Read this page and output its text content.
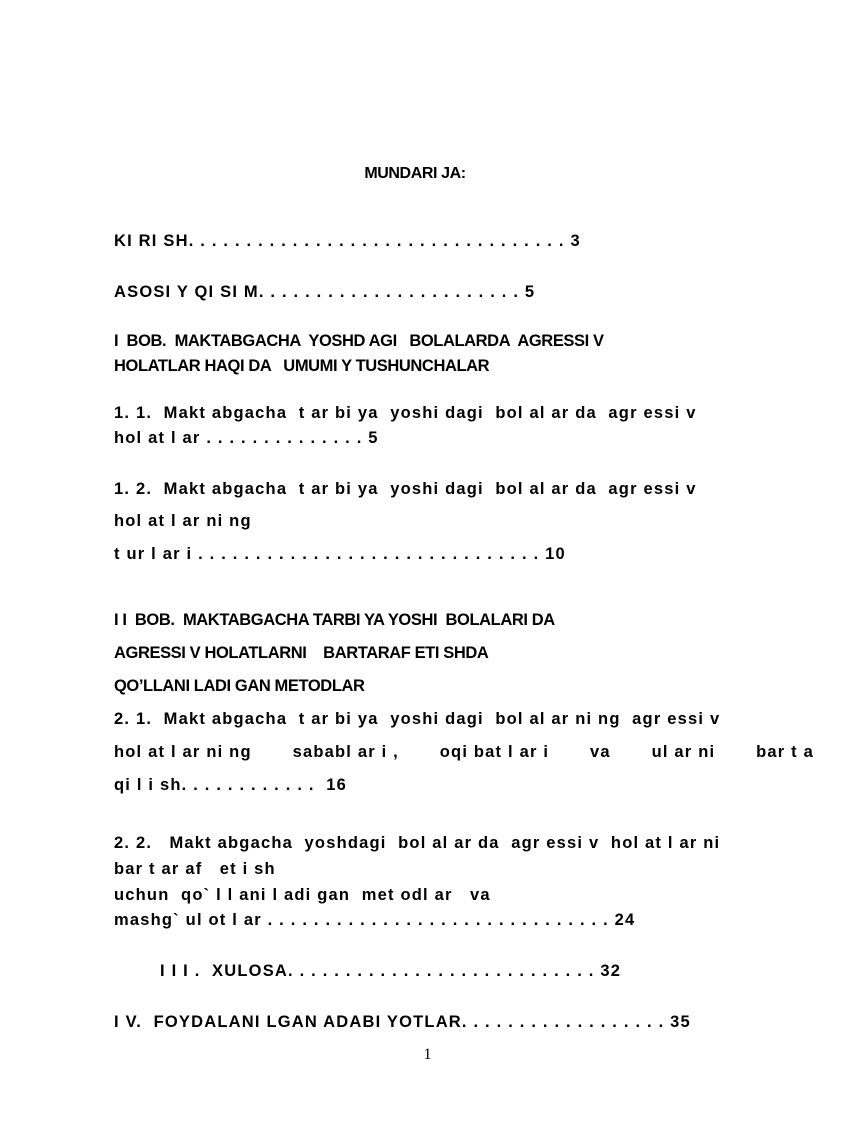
MUNDARI JA:
KI RI SH. . . . . . . . . . . . . . . . . . . . . . . . . . . . . . . . . 3
ASOSI Y QI SI M. . . . . . . . . . . . . . . . . . . . . . . 5
I  BOB.  MAKTABGACHA  YOSHD AGI   BOLALARDA  AGRESSI V
HOLATLAR HAQI DA   UMUMI Y TUSHUNCHALAR
1. 1.  Makt abgacha  t ar bi ya  yoshi dagi  bol al ar da  agr essi v
hol at l ar . . . . . . . . . . . . . . 5
1. 2.  Makt abgacha  t ar bi ya  yoshi dagi  bol al ar da  agr essi v
hol at l ar ni ng
t ur l ar i . . . . . . . . . . . . . . . . . . . . . . . . . . . . . . 10
I I  BOB.  MAKTABGACHA TARBI YA YOSHI  BOLALARI DA
AGRESSI V HOLATLARNI    BARTARAF ETI SHDA
QO’LLANI LADI GAN METODLAR
2. 1.  Makt abgacha  t ar bi ya  yoshi dagi  bol al ar ni ng  agr essi v
hol at l ar ni ng sababl ar i , oqi bat l ar i va ul ar ni bar t a
qi l i sh. . . . . . . . . . . .  16
2. 2.   Makt abgacha  yoshdagi  bol al ar da  agr essi v  hol at l ar ni
bar t ar af   et i sh
uchun  qo` l l ani l adi gan  met odl ar   va
mashg` ul ot l ar . . . . . . . . . . . . . . . . . . . . . . . . . . . . . . 24
I I I .  XULOSA. . . . . . . . . . . . . . . . . . . . . . . . . . . 32
I V.  FOYDALANI LGAN ADABI YOTLAR. . . . . . . . . . . . . . . . . . 35
1
